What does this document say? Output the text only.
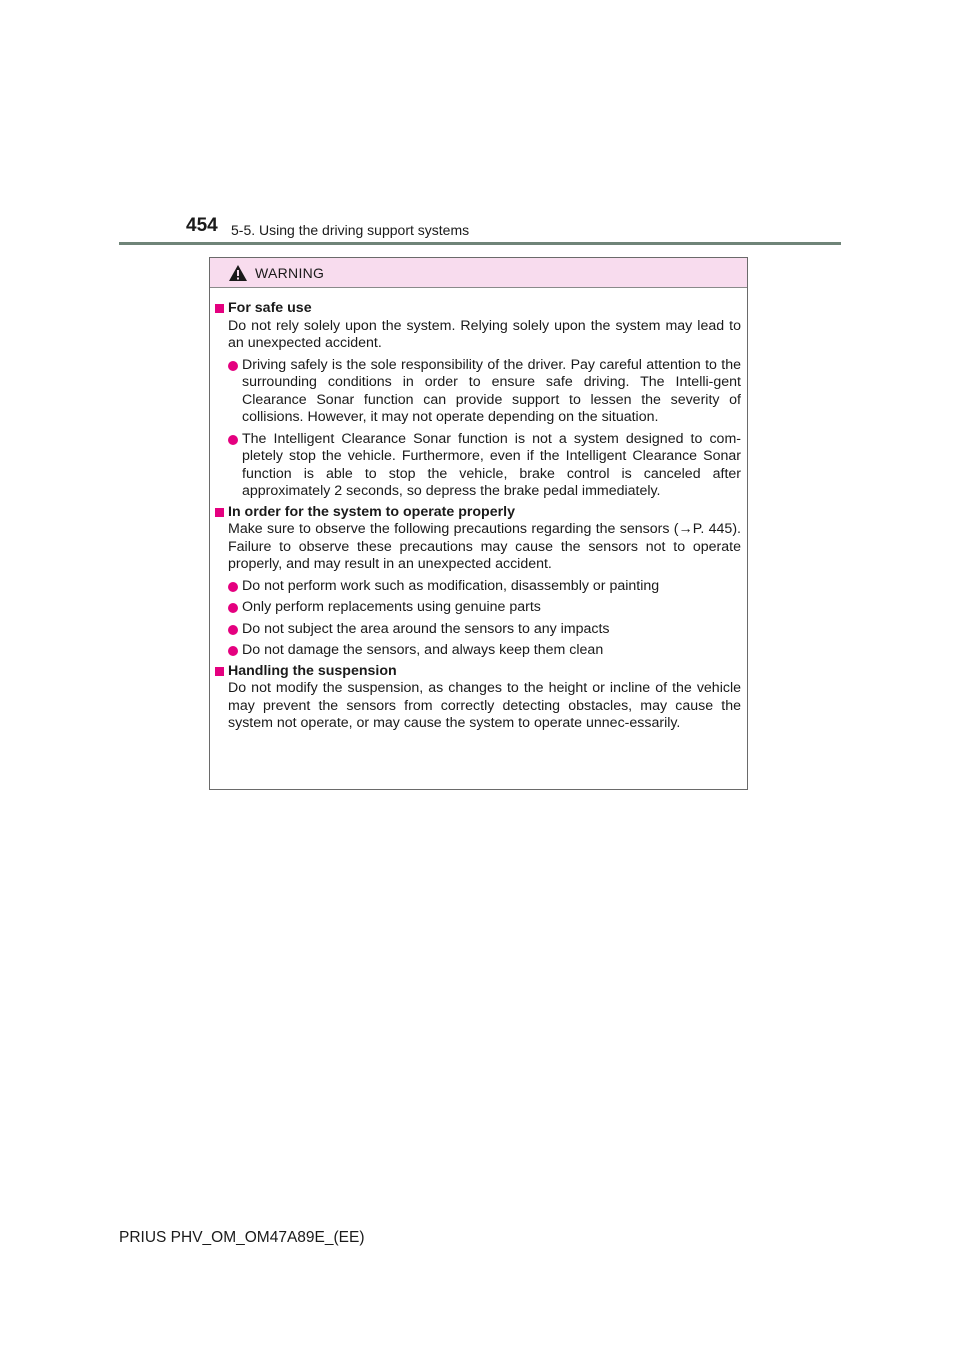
454 5-5. Using the driving support systems
WARNING
For safe use
Do not rely solely upon the system. Relying solely upon the system may lead to an unexpected accident.
Driving safely is the sole responsibility of the driver. Pay careful attention to the surrounding conditions in order to ensure safe driving. The Intelli-gent Clearance Sonar function can provide support to lessen the severity of collisions. However, it may not operate depending on the situation.
The Intelligent Clearance Sonar function is not a system designed to com-pletely stop the vehicle. Furthermore, even if the Intelligent Clearance Sonar function is able to stop the vehicle, brake control is canceled after approximately 2 seconds, so depress the brake pedal immediately.
In order for the system to operate properly
Make sure to observe the following precautions regarding the sensors (→P. 445). Failure to observe these precautions may cause the sensors not to operate properly, and may result in an unexpected accident.
Do not perform work such as modification, disassembly or painting
Only perform replacements using genuine parts
Do not subject the area around the sensors to any impacts
Do not damage the sensors, and always keep them clean
Handling the suspension
Do not modify the suspension, as changes to the height or incline of the vehicle may prevent the sensors from correctly detecting obstacles, may cause the system not operate, or may cause the system to operate unnec-essarily.
PRIUS PHV_OM_OM47A89E_(EE)
